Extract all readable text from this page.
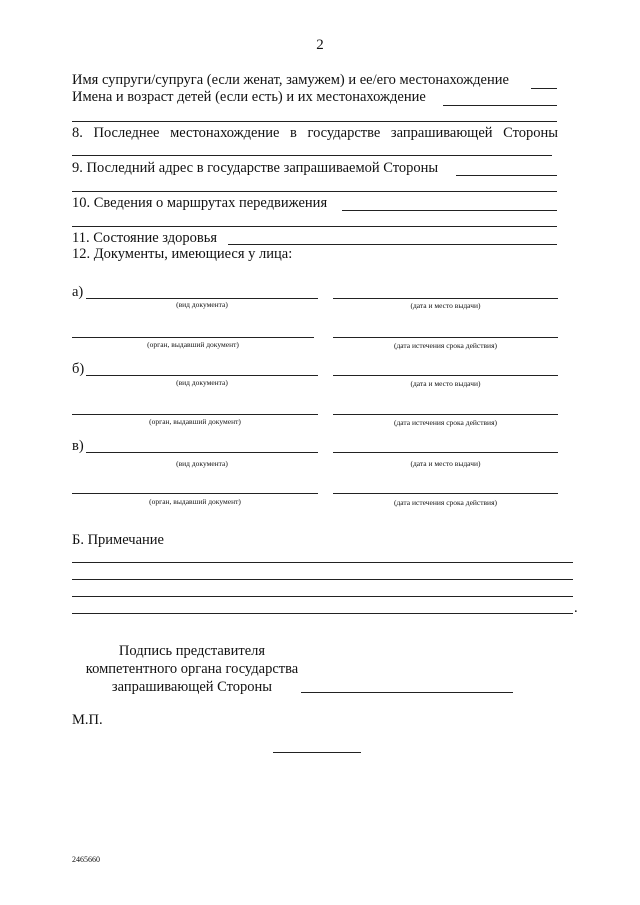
2
Имя супруги/супруга (если женат, замужем) и ее/его местонахождение
Имена и возраст детей (если есть) и их местонахождение
8. Последнее местонахождение в государстве запрашивающей Стороны
9. Последний адрес в государстве запрашиваемой Стороны
10. Сведения о маршрутах передвижения
11. Состояние здоровья
12. Документы, имеющиеся у лица:
а)
(вид документа)	(дата и место выдачи)
(орган, выдавший документ)	(дата истечения срока действия)
б)
(вид документа)	(дата и место выдачи)
(орган, выдавший документ)	(дата истечения срока действия)
в)
(вид документа)	(дата и место выдачи)
(орган, выдавший документ)	(дата истечения срока действия)
Б. Примечание
.
Подпись представителя
компетентного органа государства
запрашивающей Стороны
М.П.
2465660
